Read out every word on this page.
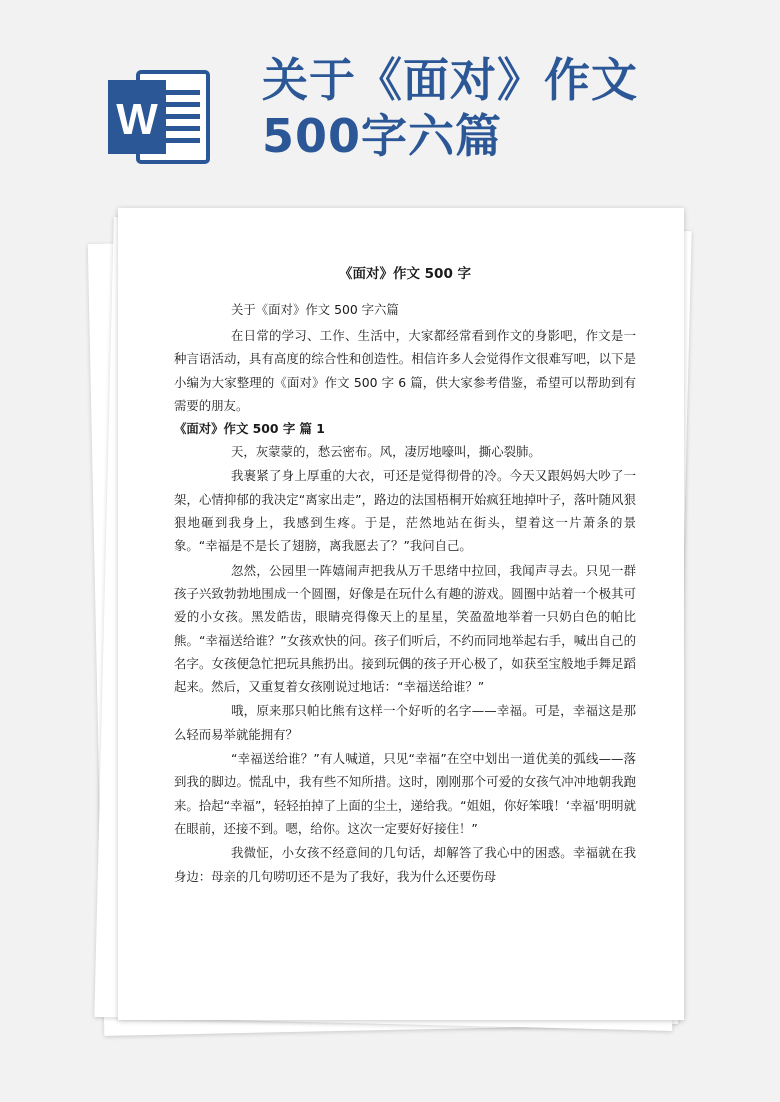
W
关于《面对》作文
500字六篇
《面对》作文 500 字
关于《面对》作文 500 字六篇

在日常的学习、工作、生活中，大家都经常看到作文的身影吧，作文是一种言语活动，具有高度的综合性和创造性。相信许多人会觉得作文很难写吧，以下是小编为大家整理的《面对》作文 500 字 6 篇，供大家参考借鉴，希望可以帮助到有需要的朋友。

《面对》作文 500 字 篇 1

天，灰蒙蒙的，愁云密布。风，凄厉地嚎叫，撕心裂肺。

我裹紧了身上厚重的大衣，可还是觉得彻骨的冷。今天又跟妈妈大吵了一架，心情抑郁的我决定“离家出走”，路边的法国梧桐开始疯狂地掉叶子，落叶随风狠狠地砸到我身上，我感到生疼。于是，茫然地站在街头，望着这一片萧条的景象。“幸福是不是长了翅膀，离我愿去了？”我问自己。

忽然，公园里一阵嬉闹声把我从万千思绪中拉回，我闻声寻去。只见一群孩子兴致勃勃地围成一个圆圈，好像是在玩什么有趣的游戏。圆圈中站着一个极其可爱的小女孩。黑发皓齿，眼睛亮得像天上的星星，笑盈盈地举着一只奶白色的帕比熊。“幸福送给谁？”女孩欢快的问。孩子们听后，不约而同地举起右手，喊出自己的名字。女孩便急忙把玩具熊扔出。接到玩偶的孩子开心极了，如获至宝般地手舞足蹈起来。然后，又重复着女孩刚说过地话：“幸福送给谁？”

哦，原来那只帕比熊有这样一个好听的名字——幸福。可是，幸福这是那么轻而易举就能拥有？

“幸福送给谁？”有人喊道，只见“幸福”在空中划出一道优美的弧线——落到我的脚边。慌乱中，我有些不知所措。这时，刚刚那个可爱的女孩气冲冲地朝我跑来。拾起“幸福”，轻轻拍掉了上面的尘土，递给我。“姐姐，你好笨哦！‘幸福’明明就在眼前，还接不到。嗯，给你。这次一定要好好接住！”

我微怔，小女孩不经意间的几句话，却解答了我心中的困惑。幸福就在我身边：母亲的几句唠叨还不是为了我好，我为什么还要伤母
